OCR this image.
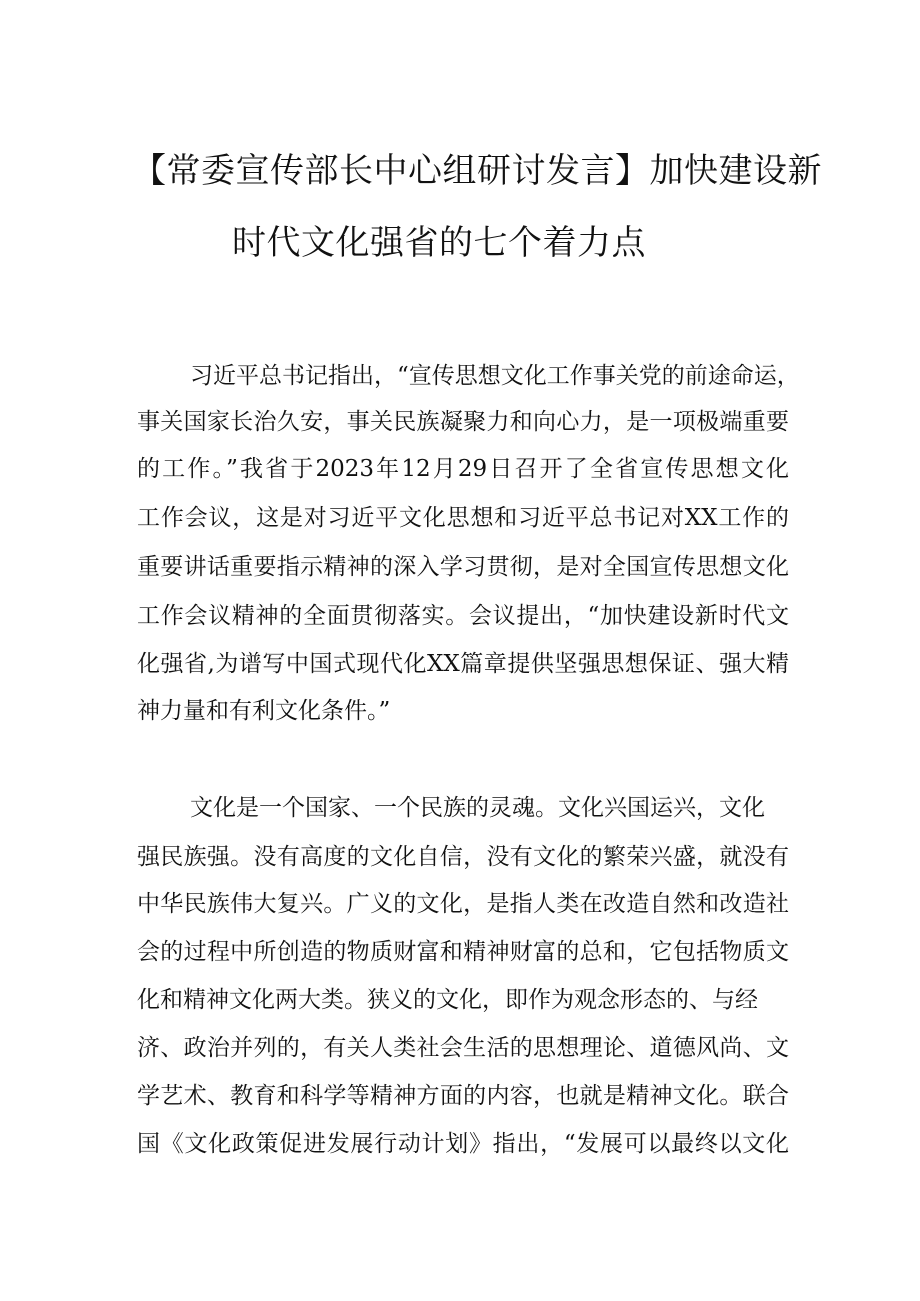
【常委宣传部长中心组研讨发言】加快建设新
时代文化强省的七个着力点
习近平总书记指出，“宣传思想文化工作事关党的前途命运，
事关国家长治久安，事关民族凝聚力和向心力，是一项极端重要
的工作。”我省于2023年12月29日召开了全省宣传思想文化
工作会议，这是对习近平文化思想和习近平总书记对XX工作的
重要讲话重要指示精神的深入学习贯彻，是对全国宣传思想文化
工作会议精神的全面贯彻落实。会议提出，“加快建设新时代文
化强省,为谱写中国式现代化XX篇章提供坚强思想保证、强大精
神力量和有利文化条件。”
文化是一个国家、一个民族的灵魂。文化兴国运兴，文化
强民族强。没有高度的文化自信，没有文化的繁荣兴盛，就没有
中华民族伟大复兴。广义的文化，是指人类在改造自然和改造社
会的过程中所创造的物质财富和精神财富的总和，它包括物质文
化和精神文化两大类。狭义的文化，即作为观念形态的、与经
济、政治并列的，有关人类社会生活的思想理论、道德风尚、文
学艺术、教育和科学等精神方面的内容，也就是精神文化。联合
国《文化政策促进发展行动计划》指出，“发展可以最终以文化
